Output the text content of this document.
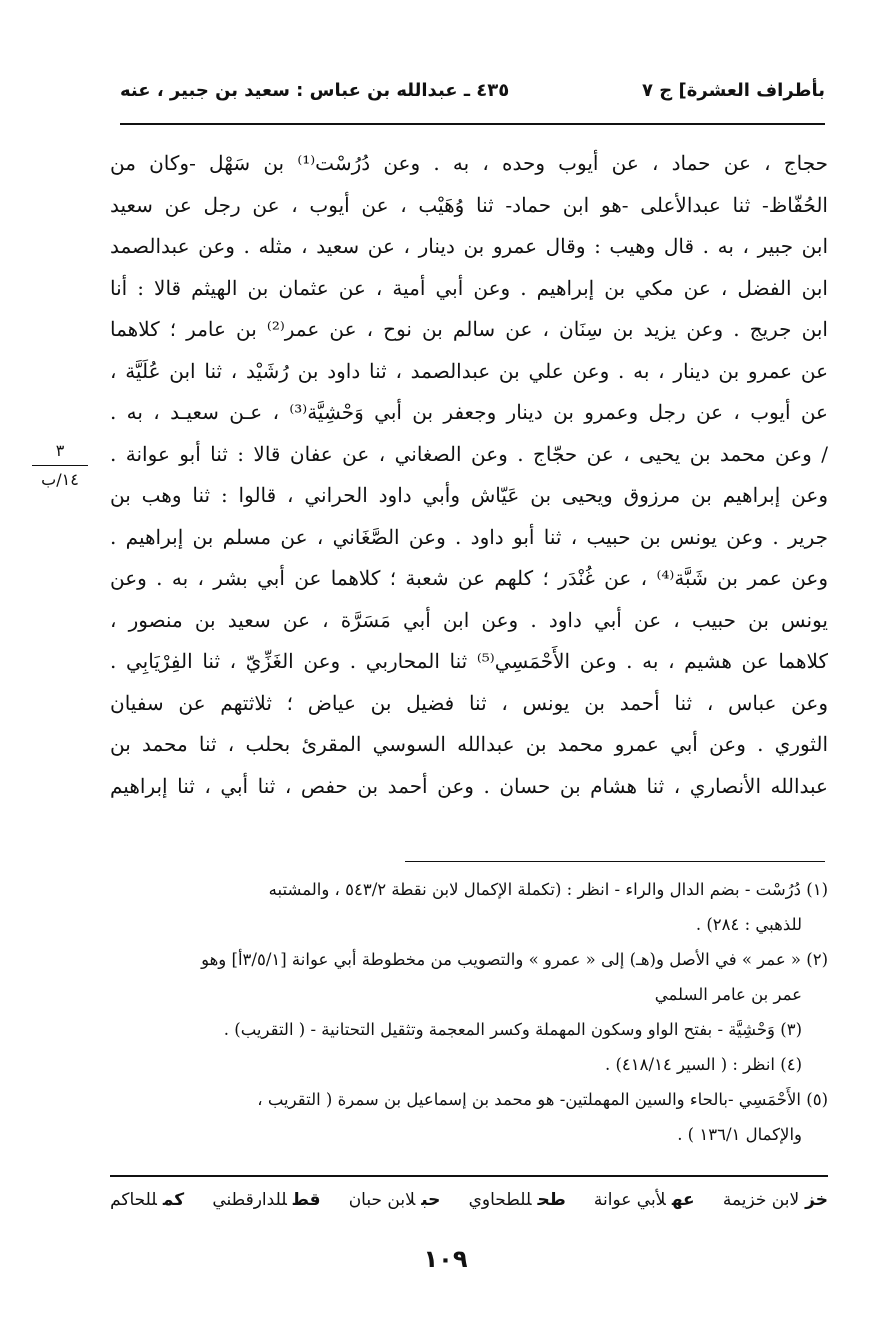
بأطراف العشرة] ج ٧
٤٣٥ ـ عبدالله بن عباس : سعيد بن جبير ، عنه
حجاج ، عن حماد ، عن أيوب وحده ، به . وعن دُرُسْت⁽¹⁾ بن سَهْل -وكان من
الحُفّاظ- ثنا عبدالأعلى -هو ابن حماد- ثنا وُهَيْب ، عن أيوب ، عن رجل عن سعيد
ابن جبير ، به . قال وهيب : وقال عمرو بن دينار ، عن سعيد ، مثله . وعن عبدالصمد
ابن الفضل ، عن مكي بن إبراهيم . وعن أبي أمية ، عن عثمان بن الهيثم قالا : أنا
ابن جريج . وعن يزيد بن سِنَان ، عن سالم بن نوح ، عن عمر⁽²⁾ بن عامر ؛ كلاهما
عن عمرو بن دينار ، به . وعن علي بن عبدالصمد ، ثنا داود بن رُشَيْد ، ثنا ابن عُلَيَّة ،
عن أيوب ، عن رجل وعمرو بن دينار وجعفر بن أبي وَحْشِيَّة⁽³⁾ ، عـن سعيـد ، به .
/ وعن محمد بن يحيى ، عن حجّاج . وعن الصغاني ، عن عفان قالا : ثنا أبو عوانة .
وعن إبراهيم بن مرزوق ويحيى بن عَيّاش وأبي داود الحراني ، قالوا : ثنا وهب بن
جرير . وعن يونس بن حبيب ، ثنا أبو داود . وعن الصَّغَاني ، عن مسلم بن إبراهيم .
وعن عمر بن شَبَّة⁽⁴⁾ ، عن غُنْدَر ؛ كلهم عن شعبة ؛ كلاهما عن أبي بشر ، به . وعن
يونس بن حبيب ، عن أبي داود . وعن ابن أبي مَسَرَّة ، عن سعيد بن منصور ،
كلاهما عن هشيم ، به . وعن الأَحْمَسِي⁽⁵⁾ ثنا المحاربي . وعن الغَزِّيّ ، ثنا الفِرْيَابِي .
وعن عباس ، ثنا أحمد بن يونس ، ثنا فضيل بن عياض ؛ ثلاثتهم عن سفيان
الثوري . وعن أبي عمرو محمد بن عبدالله السوسي المقرئ بحلب ، ثنا محمد بن
عبدالله الأنصاري ، ثنا هشام بن حسان . وعن أحمد بن حفص ، ثنا أبي ، ثنا إبراهيم
٣
١٤/ب
(١) دُرُسْت - بضم الدال والراء - انظر : (تكملة الإكمال لابن نقطة ٥٤٣/٢ ، والمشتبه
للذهبي : ٢٨٤) .
(٢) « عمر » في الأصل و(هـ) إلى « عمرو » والتصويب من مخطوطة أبي عوانة [٣/٥/١أ] وهو
عمر بن عامر السلمي
(٣) وَحْشِيَّة - بفتح الواو وسكون المهملة وكسر المعجمة وتثقيل التحتانية - ( التقريب) .
(٤) انظر : ( السير ٤١٨/١٤) .
(٥) الأَحْمَسِي -بالحاء والسين المهملتين- هو محمد بن إسماعيل بن سمرة ( التقريب ،
والإكمال ١٣٦/١ ) .
خزلابن خزيمة
عهلأبي عوانة
طحللطحاوي
حبلابن حبان
قطللدارقطني
كمللحاكم
١٠٩
